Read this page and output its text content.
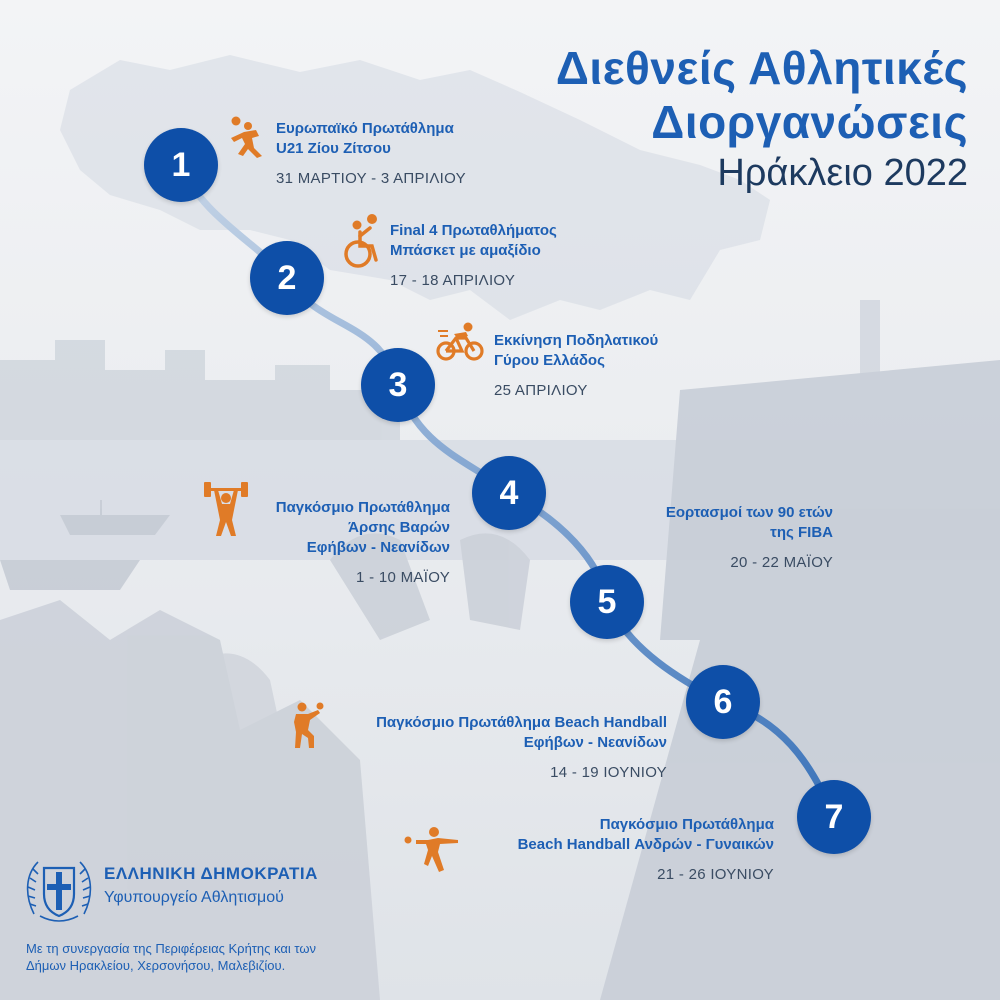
Διεθνείς Αθλητικές
Διοργανώσεις
Ηράκλειο 2022
1
2
3
4
5
6
7

Ευρωπαϊκό Πρωτάθλημα

U21 Ζίου Ζίτσου

31 ΜΑΡΤΙΟΥ - 3 ΑΠΡΙΛΙΟΥ

Final 4 Πρωταθλήματος

Μπάσκετ με αμαξίδιο

17 - 18 ΑΠΡΙΛΙΟΥ

Εκκίνηση Ποδηλατικού

Γύρου Ελλάδος

25 ΑΠΡΙΛΙΟΥ

Παγκόσμιο Πρωτάθλημα

Άρσης Βαρών

Εφήβων - Νεανίδων

1 - 10 ΜΑΪΟΥ

Εορτασμοί των 90 ετών

της FIBA

20 - 22 ΜΑΪΟΥ

Παγκόσμιο Πρωτάθλημα Beach Handball

Εφήβων - Νεανίδων

14 - 19 ΙΟΥΝΙΟΥ

Παγκόσμιο Πρωτάθλημα

Beach Handball Ανδρών - Γυναικών

21 - 26 ΙΟΥΝΙΟΥ

ΕΛΛΗΝΙΚΗ ΔΗΜΟΚΡΑΤΙΑ

Υφυπουργείο Αθλητισμού

Με τη συνεργασία της Περιφέρειας Κρήτης και των

Δήμων Ηρακλείου, Χερσονήσου, Μαλεβιζίου.
